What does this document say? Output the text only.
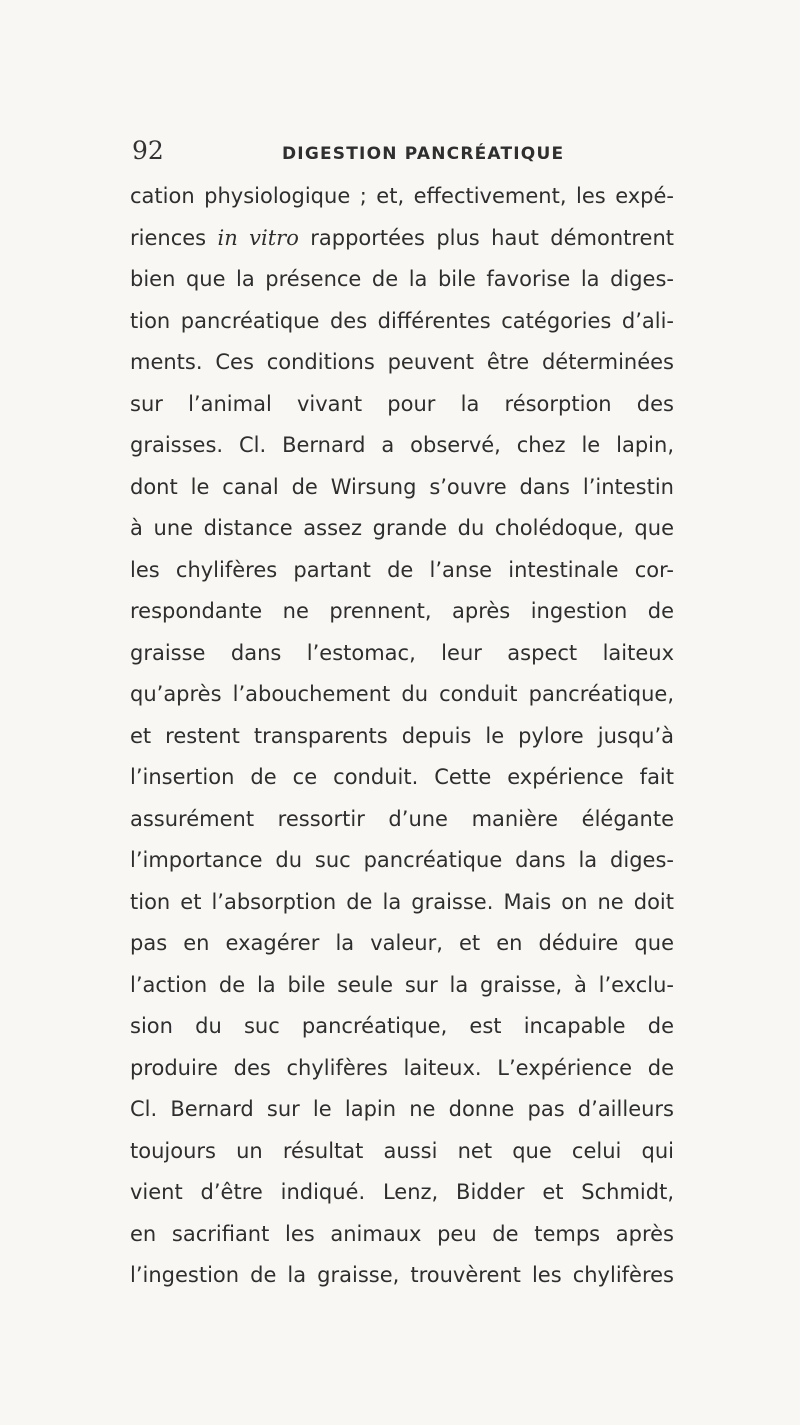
92	DIGESTION PANCRÉATIQUE
cation physiologique ; et, effectivement, les expé-
riences in vitro rapportées plus haut démontrent
bien que la présence de la bile favorise la diges-
tion pancréatique des différentes catégories d’ali-
ments. Ces conditions peuvent être déterminées
sur l’animal vivant pour la résorption des
graisses. Cl. Bernard a observé, chez le lapin,
dont le canal de Wirsung s’ouvre dans l’intestin
à une distance assez grande du cholédoque, que
les chylifères partant de l’anse intestinale cor-
respondante ne prennent, après ingestion de
graisse dans l’estomac, leur aspect laiteux
qu’après l’abouchement du conduit pancréatique,
et restent transparents depuis le pylore jusqu’à
l’insertion de ce conduit. Cette expérience fait
assurément ressortir d’une manière élégante
l’importance du suc pancréatique dans la diges-
tion et l’absorption de la graisse. Mais on ne doit
pas en exagérer la valeur, et en déduire que
l’action de la bile seule sur la graisse, à l’exclu-
sion du suc pancréatique, est incapable de
produire des chylifères laiteux. L’expérience de
Cl. Bernard sur le lapin ne donne pas d’ailleurs
toujours un résultat aussi net que celui qui
vient d’être indiqué. Lenz, Bidder et Schmidt,
en sacrifiant les animaux peu de temps après
l’ingestion de la graisse, trouvèrent les chylifères
